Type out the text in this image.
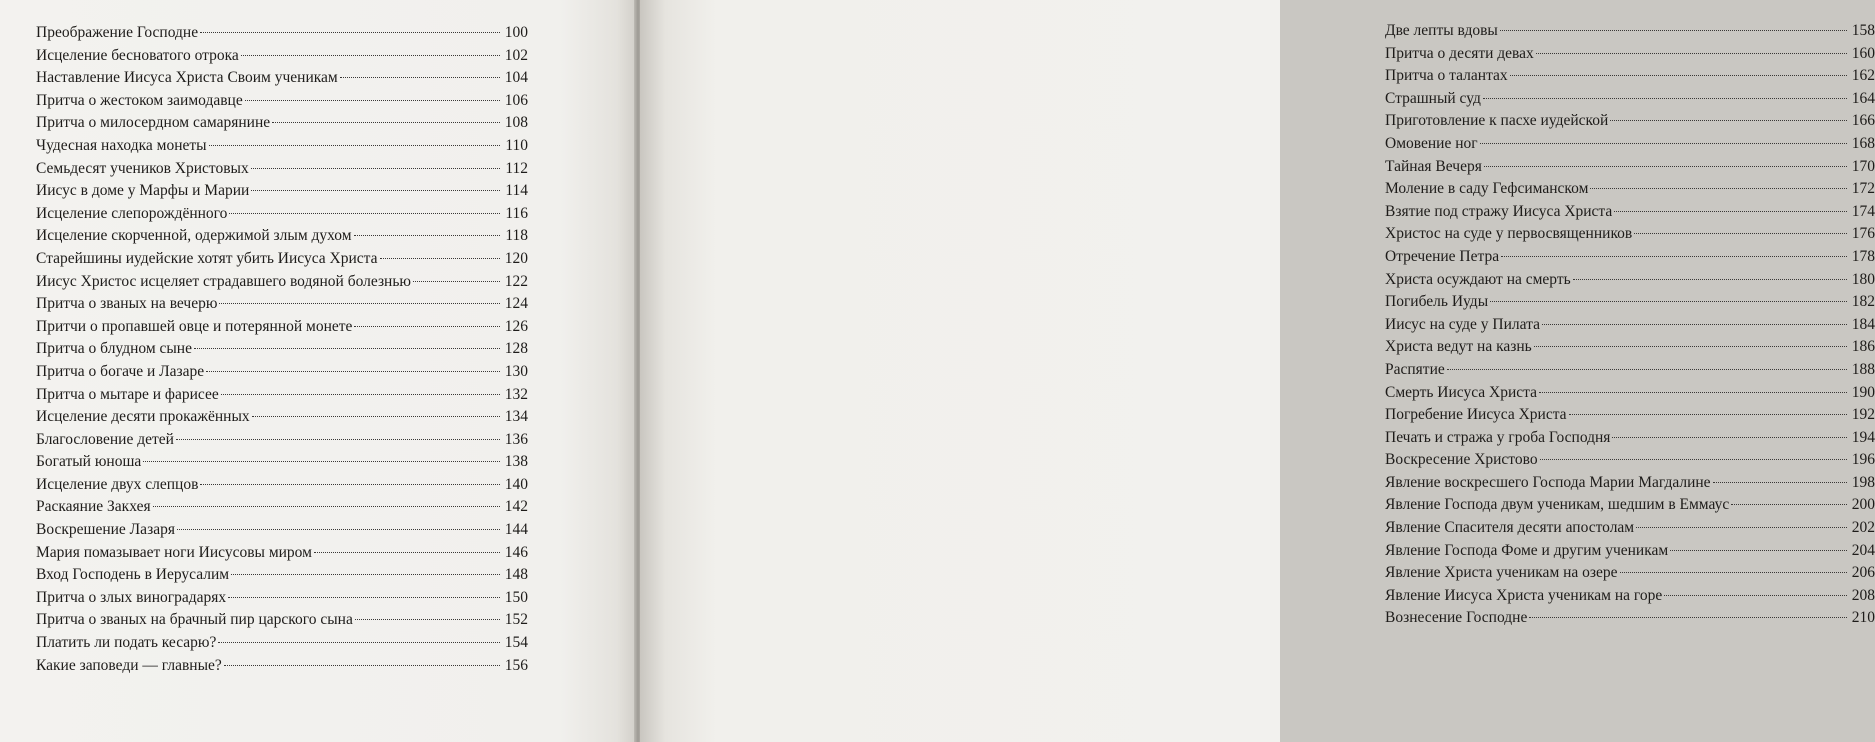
Преображение Господне	100
Исцеление бесноватого отрока	102
Наставление Иисуса Христа Своим ученикам	104
Притча о жестоком заимодавце	106
Притча о милосердном самарянине	108
Чудесная находка монеты	110
Семьдесят учеников Христовых	112
Иисус в доме у Марфы и Марии	114
Исцеление слепорождённого	116
Исцеление скорченной, одержимой злым духом	118
Старейшины иудейские хотят убить Иисуса Христа	120
Иисус Христос исцеляет страдавшего водяной болезнью	122
Притча о званых на вечерю	124
Притчи о пропавшей овце и потерянной монете	126
Притча о блудном сыне	128
Притча о богаче и Лазаре	130
Притча о мытаре и фарисее	132
Исцеление десяти прокажённых	134
Благословение детей	136
Богатый юноша	138
Исцеление двух слепцов	140
Раскаяние Закхея	142
Воскрешение Лазаря	144
Мария помазывает ноги Иисусовы миром	146
Вход Господень в Иерусалим	148
Притча о злых виноградарях	150
Притча о званых на брачный пир царского сына	152
Платить ли подать кесарю?	154
Какие заповеди — главные?	156
Две лепты вдовы	158
Притча о десяти девах	160
Притча о талантах	162
Страшный суд	164
Приготовление к пасхе иудейской	166
Омовение ног	168
Тайная Вечеря	170
Моление в саду Гефсиманском	172
Взятие под стражу Иисуса Христа	174
Христос на суде у первосвященников	176
Отречение Петра	178
Христа осуждают на смерть	180
Погибель Иуды	182
Иисус на суде у Пилата	184
Христа ведут на казнь	186
Распятие	188
Смерть Иисуса Христа	190
Погребение Иисуса Христа	192
Печать и стража у гроба Господня	194
Воскресение Христово	196
Явление воскресшего Господа Марии Магдалине	198
Явление Господа двум ученикам, шедшим в Еммаус	200
Явление Спасителя десяти апостолам	202
Явление Господа Фоме и другим ученикам	204
Явление Христа ученикам на озере	206
Явление Иисуса Христа ученикам на горе	208
Вознесение Господне	210
